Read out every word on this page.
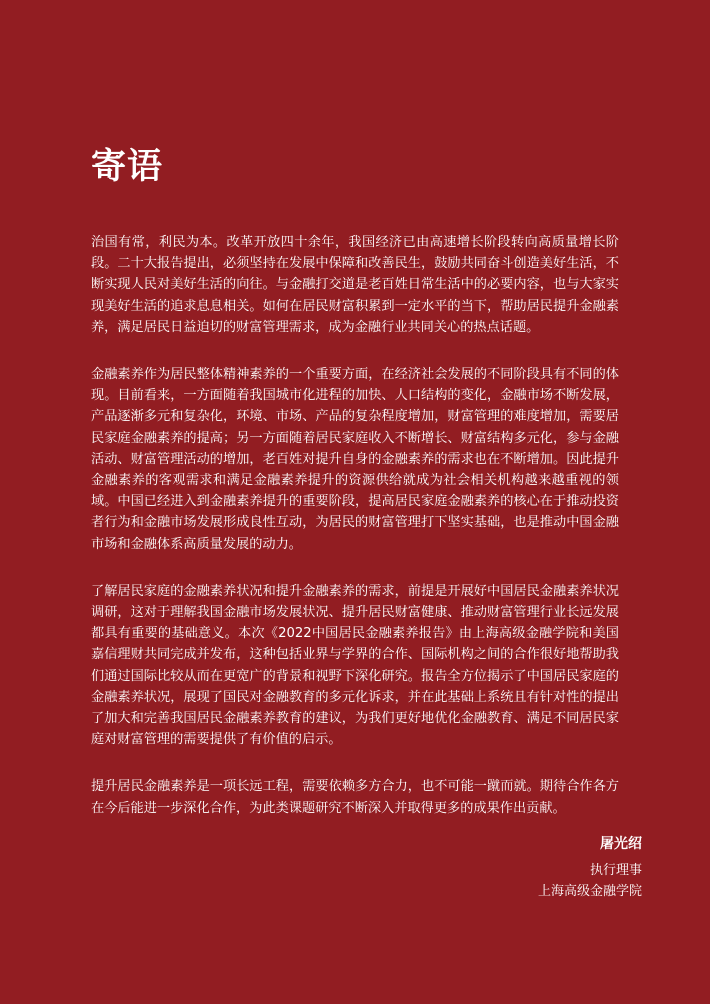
寄语

治国有常，利民为本。改革开放四十余年，我国经济已由高速增长阶段转向高质量增长阶段。二十大报告提出，必须坚持在发展中保障和改善民生，鼓励共同奋斗创造美好生活，不断实现人民对美好生活的向往。与金融打交道是老百姓日常生活中的必要内容，也与大家实现美好生活的追求息息相关。如何在居民财富积累到一定水平的当下，帮助居民提升金融素养，满足居民日益迫切的财富管理需求，成为金融行业共同关心的热点话题。

金融素养作为居民整体精神素养的一个重要方面，在经济社会发展的不同阶段具有不同的体现。目前看来，一方面随着我国城市化进程的加快、人口结构的变化，金融市场不断发展，产品逐渐多元和复杂化，环境、市场、产品的复杂程度增加，财富管理的难度增加，需要居民家庭金融素养的提高；另一方面随着居民家庭收入不断增长、财富结构多元化，参与金融活动、财富管理活动的增加，老百姓对提升自身的金融素养的需求也在不断增加。因此提升金融素养的客观需求和满足金融素养提升的资源供给就成为社会相关机构越来越重视的领域。中国已经进入到金融素养提升的重要阶段，提高居民家庭金融素养的核心在于推动投资者行为和金融市场发展形成良性互动，为居民的财富管理打下坚实基础，也是推动中国金融市场和金融体系高质量发展的动力。

了解居民家庭的金融素养状况和提升金融素养的需求，前提是开展好中国居民金融素养状况调研，这对于理解我国金融市场发展状况、提升居民财富健康、推动财富管理行业长远发展都具有重要的基础意义。本次《2022中国居民金融素养报告》由上海高级金融学院和美国嘉信理财共同完成并发布，这种包括业界与学界的合作、国际机构之间的合作很好地帮助我们通过国际比较从而在更宽广的背景和视野下深化研究。报告全方位揭示了中国居民家庭的金融素养状况，展现了国民对金融教育的多元化诉求，并在此基础上系统且有针对性的提出了加大和完善我国居民金融素养教育的建议，为我们更好地优化金融教育、满足不同居民家庭对财富管理的需要提供了有价值的启示。

提升居民金融素养是一项长远工程，需要依赖多方合力，也不可能一蹴而就。期待合作各方在今后能进一步深化合作，为此类课题研究不断深入并取得更多的成果作出贡献。

屠光绍
执行理事
上海高级金融学院
